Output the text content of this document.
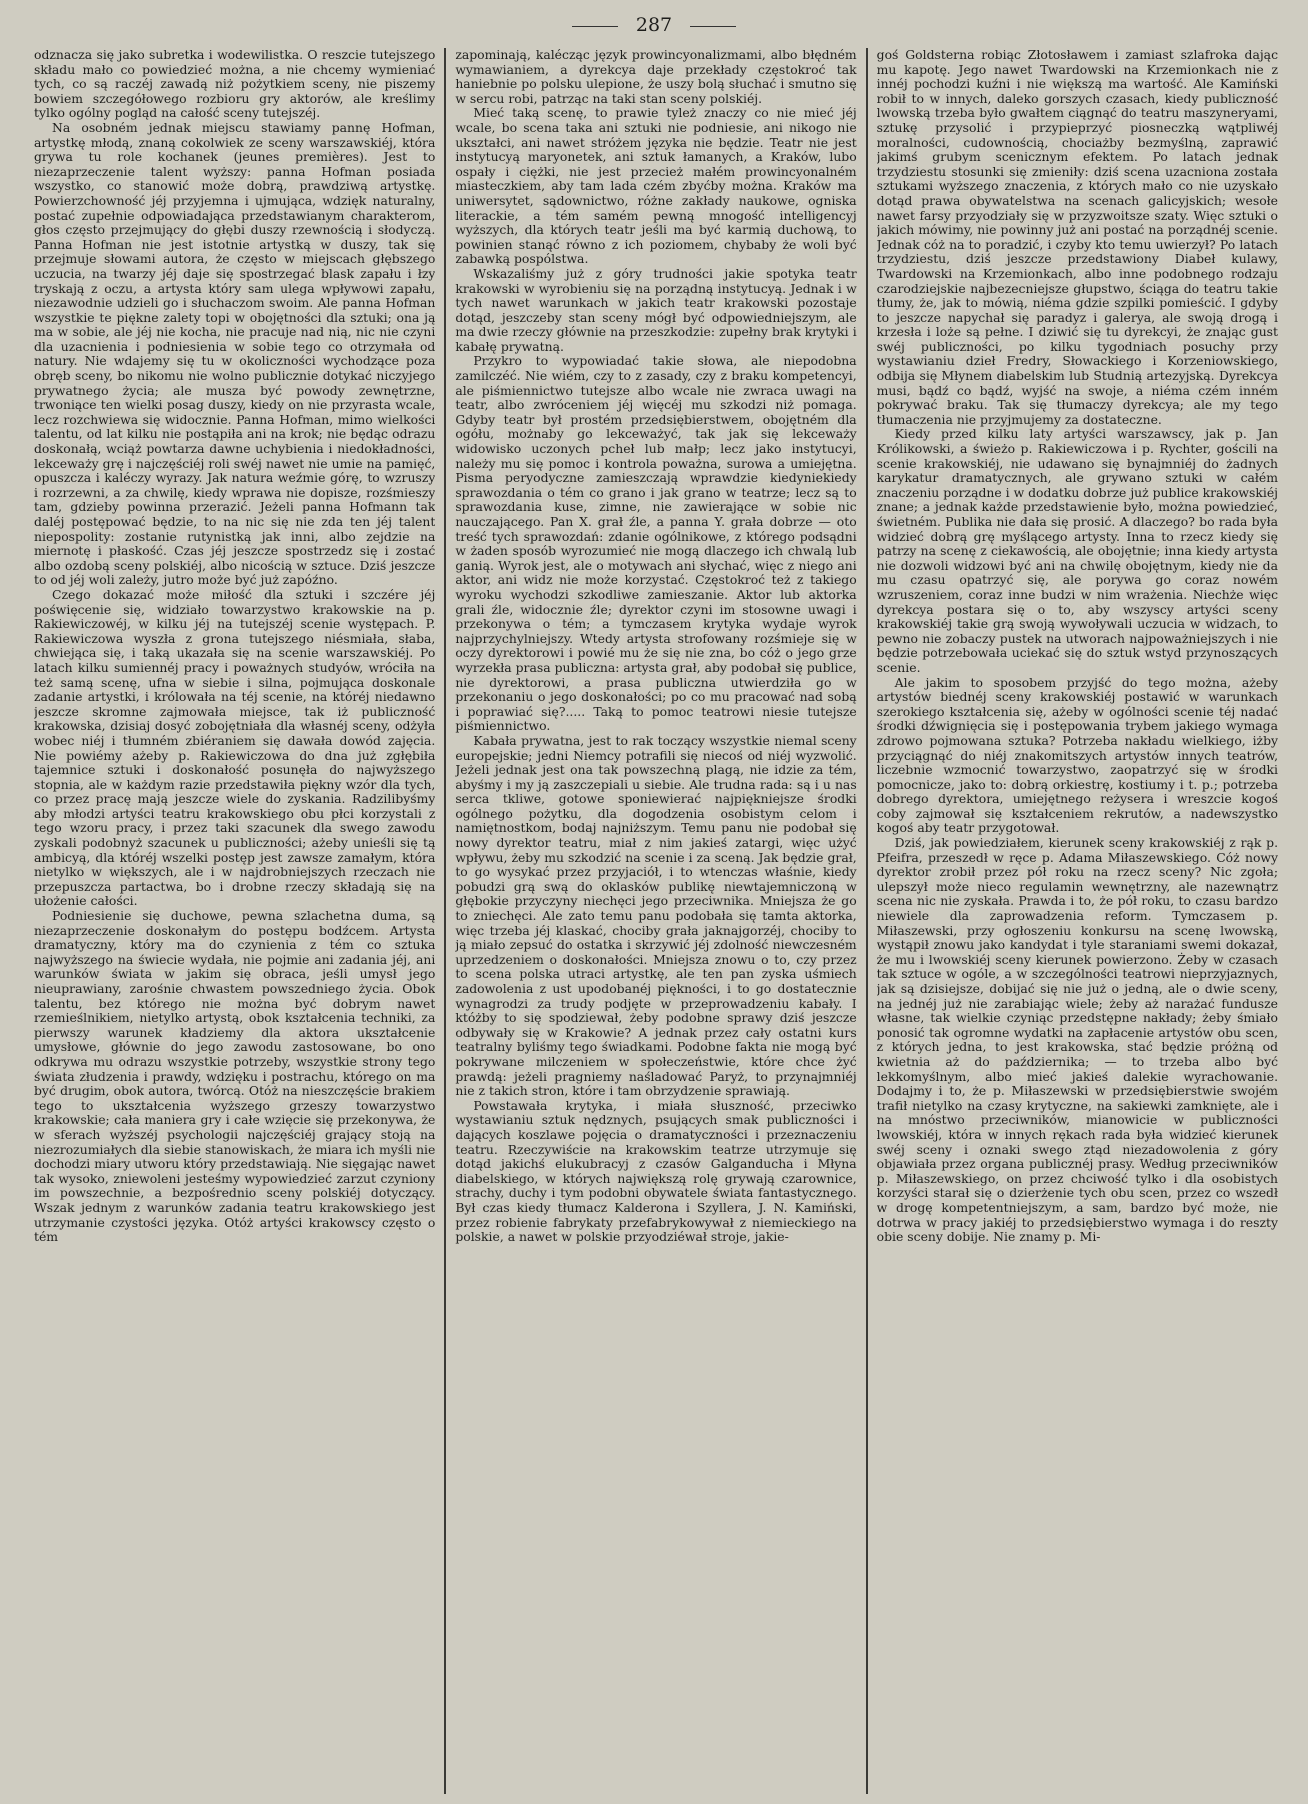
287

odznacza się jako subretka i wodewilistka. O reszcie tutejszego składu mało co powiedzieć można, a nie chcemy wymieniać tych, co są raczéj zawadą niż pożytkiem sceny, nie piszemy bowiem szczegółowego rozbioru gry aktorów, ale kreślimy tylko ogólny pogląd na całość sceny tutejszéj.

Na osobném jednak miejscu stawiamy pannę Hofman, artystkę młodą, znaną cokolwiek ze sceny warszawskiéj, która grywa tu role kochanek (jeunes premières). Jest to niezaprzeczenie talent wyższy: panna Hofman posiada wszystko, co stanowić może dobrą, prawdziwą artystkę. Powierzchowność jéj przyjemna i ujmująca, wdzięk naturalny, postać zupełnie odpowiadająca przedstawianym charakterom, głos często przejmujący do głębi duszy rzewnością i słodyczą. Panna Hofman nie jest istotnie artystką w duszy, tak się przejmuje słowami autora, że często w miejscach głębszego uczucia, na twarzy jéj daje się spostrzegać blask zapału i łzy tryskają z oczu, a artysta który sam ulega wpływowi zapału, niezawodnie udzieli go i słuchaczom swoim. Ale panna Hofman wszystkie te piękne zalety topi w obojętności dla sztuki; ona ją ma w sobie, ale jéj nie kocha, nie pracuje nad nią, nic nie czyni dla uzacnienia i podniesienia w sobie tego co otrzymała od natury. Nie wdajemy się tu w okoliczności wychodzące poza obręb sceny, bo nikomu nie wolno publicznie dotykać niczyjego prywatnego życia; ale musza być powody zewnętrzne, trwoniące ten wielki posag duszy, kiedy on nie przyrasta wcale, lecz rozchwiewa się widocznie. Panna Hofman, mimo wielkości talentu, od lat kilku nie postąpiła ani na krok; nie będąc odrazu doskonałą, wciąż powtarza dawne uchybienia i niedokładności, lekceważy grę i najczęściéj roli swéj nawet nie umie na pamięć, opuszcza i kaléczy wyrazy. Jak natura weźmie górę, to wzruszy i rozrzewni, a za chwilę, kiedy wprawa nie dopisze, rozśmieszy tam, gdzieby powinna przerazić. Jeżeli panna Hofmann tak daléj postępować będzie, to na nic się nie zda ten jéj talent niepospolity: zostanie rutynistką jak inni, albo zejdzie na miernotę i płaskość. Czas jéj jeszcze spostrzedz się i zostać albo ozdobą sceny polskiéj, albo nicością w sztuce. Dziś jeszcze to od jéj woli zależy, jutro może być już zapóźno.

Czego dokazać może miłość dla sztuki i szczére jéj poświęcenie się, widziało towarzystwo krakowskie na p. Rakiewiczowéj, w kilku jéj na tutejszéj scenie występach. P. Rakiewiczowa wyszła z grona tutejszego niésmiała, słaba, chwiejąca się, i taką ukazała się na scenie warszawskiéj. Po latach kilku sumiennéj pracy i poważnych studyów, wróciła na też samą scenę, ufna w siebie i silna, pojmująca doskonale zadanie artystki, i królowała na téj scenie, na któréj niedawno jeszcze skromne zajmowała miejsce, tak iż publiczność krakowska, dzisiaj dosyć zobojętniała dla własnéj sceny, odżyła wobec niéj i tłumném zbiéraniem się dawała dowód zajęcia. Nie powiémy ażeby p. Rakiewiczowa do dna już zgłębiła tajemnice sztuki i doskonałość posunęła do najwyższego stopnia, ale w każdym razie przedstawiła piękny wzór dla tych, co przez pracę mają jeszcze wiele do zyskania. Radzilibyśmy aby młodzi artyści teatru krakowskiego obu płci korzystali z tego wzoru pracy, i przez taki szacunek dla swego zawodu zyskali podobnyż szacunek u publiczności; ażeby unieśli się tą ambicyą, dla któréj wszelki postęp jest zawsze zamałym, która nietylko w większych, ale i w najdrobniejszych rzeczach nie przepuszcza partactwa, bo i drobne rzeczy składają się na ułożenie całości.

Podniesienie się duchowe, pewna szlachetna duma, są niezaprzeczenie doskonałym do postępu bodźcem. Artysta dramatyczny, który ma do czynienia z tém co sztuka najwyższego na świecie wydała, nie pojmie ani zadania jéj, ani warunków świata w jakim się obraca, jeśli umysł jego nieuprawiany, zarośnie chwastem powszedniego życia. Obok talentu, bez którego nie można być dobrym nawet rzemieślnikiem, nietylko artystą, obok kształcenia techniki, za pierwszy warunek kładziemy dla aktora ukształcenie umysłowe, głównie do jego zawodu zastosowane, bo ono odkrywa mu odrazu wszystkie potrzeby, wszystkie strony tego świata złudzenia i prawdy, wdzięku i postrachu, którego on ma być drugim, obok autora, twórcą. Otóż na nieszczęście brakiem tego to ukształcenia wyższego grzeszy towarzystwo krakowskie; cała maniera gry i całe wzięcie się przekonywa, że w sferach wyższéj psychologii najczęściéj grający stoją na niezrozumiałych dla siebie stanowiskach, że miara ich myśli nie dochodzi miary utworu który przedstawiają. Nie sięgając nawet tak wysoko, zniewoleni jesteśmy wypowiedzieć zarzut czyniony im powszechnie, a bezpośrednio sceny polskiéj dotyczący. Wszak jednym z warunków zadania teatru krakowskiego jest utrzymanie czystości języka. Otóż artyści krakowscy często o tém

zapominają, kalécząc język prowincyonalizmami, albo błędném wymawianiem, a dyrekcya daje przekłady częstokroć tak haniebnie po polsku ulepione, że uszy bolą słuchać i smutno się w sercu robi, patrząc na taki stan sceny polskiéj.

Mieć taką scenę, to prawie tyleż znaczy co nie mieć jéj wcale, bo scena taka ani sztuki nie podniesie, ani nikogo nie ukształci, ani nawet stróżem języka nie będzie. Teatr nie jest instytucyą maryonetek, ani sztuk łamanych, a Kraków, lubo ospały i ciężki, nie jest przecież małém prowincyonalném miasteczkiem, aby tam lada czém zbyćby można. Kraków ma uniwersytet, sądownictwo, różne zakłady naukowe, ogniska literackie, a tém samém pewną mnogość intelligencyj wyższych, dla których teatr jeśli ma być karmią duchową, to powinien stanąć równo z ich poziomem, chybaby że woli być zabawką pospólstwa.

Wskazaliśmy już z góry trudności jakie spotyka teatr krakowski w wyrobieniu się na porządną instytucyą. Jednak i w tych nawet warunkach w jakich teatr krakowski pozostaje dotąd, jeszczeby stan sceny mógł być odpowiedniejszym, ale ma dwie rzeczy głównie na przeszkodzie: zupełny brak krytyki i kabałę prywatną.

Przykro to wypowiadać takie słowa, ale niepodobna zamilczéć. Nie wiém, czy to z zasady, czy z braku kompetencyi, ale piśmiennictwo tutejsze albo wcale nie zwraca uwagi na teatr, albo zwróceniem jéj więcéj mu szkodzi niż pomaga. Gdyby teatr był prostém przedsiębierstwem, obojętném dla ogółu, możnaby go lekceważyć, tak jak się lekceważy widowisko uczonych pcheł lub małp; lecz jako instytucyi, należy mu się pomoc i kontrola poważna, surowa a umiejętna. Pisma peryodyczne zamieszczają wprawdzie kiedyniekiedy sprawozdania o tém co grano i jak grano w teatrze; lecz są to sprawozdania kuse, zimne, nie zawierające w sobie nic nauczającego. Pan X. grał źle, a panna Y. grała dobrze — oto treść tych sprawozdań: zdanie ogólnikowe, z którego podsądni w żaden sposób wyrozumieć nie mogą dlaczego ich chwalą lub ganią. Wyrok jest, ale o motywach ani słychać, więc z niego ani aktor, ani widz nie może korzystać. Częstokroć też z takiego wyroku wychodzi szkodliwe zamieszanie. Aktor lub aktorka grali źle, widocznie źle; dyrektor czyni im stosowne uwagi i przekonywa o tém; a tymczasem krytyka wydaje wyrok najprzychylniejszy. Wtedy artysta strofowany rozśmieje się w oczy dyrektorowi i powié mu że się nie zna, bo cóż o jego grze wyrzekła prasa publiczna: artysta grał, aby podobał się publice, nie dyrektorowi, a prasa publiczna utwierdziła go w przekonaniu o jego doskonałości; po co mu pracować nad sobą i poprawiać się?..... Taką to pomoc teatrowi niesie tutejsze piśmiennictwo.

Kabała prywatna, jest to rak toczący wszystkie niemal sceny europejskie; jedni Niemcy potrafili się niecoś od niéj wyzwolić. Jeżeli jednak jest ona tak powszechną plagą, nie idzie za tém, abyśmy i my ją zaszczepiali u siebie. Ale trudna rada: są i u nas serca tkliwe, gotowe sponiewierać najpiękniejsze środki ogólnego pożytku, dla dogodzenia osobistym celom i namiętnostkom, bodaj najniższym. Temu panu nie podobał się nowy dyrektor teatru, miał z nim jakieś zatargi, więc użyć wpływu, żeby mu szkodzić na scenie i za sceną. Jak będzie grał, to go wysykać przez przyjaciół, i to wtenczas właśnie, kiedy pobudzi grą swą do oklasków publikę niewtajemniczoną w głębokie przyczyny niechęci jego przeciwnika. Mniejsza że go to zniechęci. Ale zato temu panu podobała się tamta aktorka, więc trzeba jéj klaskać, chociby grała jaknajgorzéj, chociby to ją miało zepsuć do ostatka i skrzywić jéj zdolność niewczesném uprzedzeniem o doskonałości. Mniejsza znowu o to, czy przez to scena polska utraci artystkę, ale ten pan zyska uśmiech zadowolenia z ust upodobanéj piękności, i to go dostatecznie wynagrodzi za trudy podjęte w przeprowadzeniu kabały. I któżby to się spodziewał, żeby podobne sprawy dziś jeszcze odbywały się w Krakowie? A jednak przez cały ostatni kurs teatralny byliśmy tego świadkami. Podobne fakta nie mogą być pokrywane milczeniem w społeczeństwie, które chce żyć prawdą: jeżeli pragniemy naśladować Paryż, to przynajmniéj nie z takich stron, które i tam obrzydzenie sprawiają.

Powstawała krytyka, i miała słuszność, przeciwko wystawianiu sztuk nędznych, psujących smak publiczności i dających koszlawe pojęcia o dramatyczności i przeznaczeniu teatru. Rzeczywiście na krakowskim teatrze utrzymuje się dotąd jakichś elukubracyj z czasów Galganducha i Młyna diabelskiego, w których największą rolę grywają czarownice, strachy, duchy i tym podobni obywatele świata fantastycznego. Był czas kiedy tłumacz Kalderona i Szyllera, J. N. Kamiński, przez robienie fabrykaty przefabrykowywał z niemieckiego na polskie, a nawet w polskie przyodziéwał stroje, jakie-

goś Goldsterna robiąc Złotosławem i zamiast szlafroka dając mu kapotę. Jego nawet Twardowski na Krzemionkach nie z innéj pochodzi kuźni i nie większą ma wartość. Ale Kamiński robił to w innych, daleko gorszych czasach, kiedy publiczność lwowską trzeba było gwałtem ciągnąć do teatru maszyneryami, sztukę przysolić i przypieprzyć piosneczką wątpliwéj moralności, cudownością, chociażby bezmyślną, zaprawić jakimś grubym scenicznym efektem. Po latach jednak trzydziestu stosunki się zmieniły: dziś scena uzacniona została sztukami wyższego znaczenia, z których mało co nie uzyskało dotąd prawa obywatelstwa na scenach galicyjskich; wesołe nawet farsy przyodziały się w przyzwoitsze szaty. Więc sztuki o jakich mówimy, nie powinny już ani postać na porządnéj scenie. Jednak cóż na to poradzić, i czyby kto temu uwierzył? Po latach trzydziestu, dziś jeszcze przedstawiony Diabeł kulawy, Twardowski na Krzemionkach, albo inne podobnego rodzaju czarodziejskie najbezecniejsze głupstwo, ściąga do teatru takie tłumy, że, jak to mówią, niéma gdzie szpilki pomieścić. I gdyby to jeszcze napychał się paradyz i galerya, ale swoją drogą i krzesła i loże są pełne. I dziwić się tu dyrekcyi, że znając gust swéj publiczności, po kilku tygodniach posuchy przy wystawianiu dzieł Fredry, Słowackiego i Korzeniowskiego, odbija się Młynem diabelskim lub Studnią artezyjską. Dyrekcya musi, bądź co bądź, wyjść na swoje, a niéma czém inném pokrywać braku. Tak się tłumaczy dyrekcya; ale my tego tłumaczenia nie przyjmujemy za dostateczne.

Kiedy przed kilku laty artyści warszawscy, jak p. Jan Królikowski, a świeżo p. Rakiewiczowa i p. Rychter, gościli na scenie krakowskiéj, nie udawano się bynajmniéj do żadnych karykatur dramatycznych, ale grywano sztuki w całém znaczeniu porządne i w dodatku dobrze już publice krakowskiéj znane; a jednak każde przedstawienie było, można powiedzieć, świetném. Publika nie dała się prosić. A dlaczego? bo rada była widzieć dobrą grę myślącego artysty. Inna to rzecz kiedy się patrzy na scenę z ciekawością, ale obojętnie; inna kiedy artysta nie dozwoli widzowi być ani na chwilę obojętnym, kiedy nie da mu czasu opatrzyć się, ale porywa go coraz nowém wzruszeniem, coraz inne budzi w nim wrażenia. Niechże więc dyrekcya postara się o to, aby wszyscy artyści sceny krakowskiéj takie grą swoją wywoływali uczucia w widzach, to pewno nie zobaczy pustek na utworach najpoważniejszych i nie będzie potrzebowała uciekać się do sztuk wstyd przynoszących scenie.

Ale jakim to sposobem przyjść do tego można, ażeby artystów biednéj sceny krakowskiéj postawić w warunkach szerokiego kształcenia się, ażeby w ogólności scenie téj nadać środki dźwignięcia się i postępowania trybem jakiego wymaga zdrowo pojmowana sztuka? Potrzeba nakładu wielkiego, iżby przyciągnąć do niéj znakomitszych artystów innych teatrów, liczebnie wzmocnić towarzystwo, zaopatrzyć się w środki pomocnicze, jako to: dobrą orkiestrę, kostiumy i t. p.; potrzeba dobrego dyrektora, umiejętnego reżysera i wreszcie kogoś coby zajmował się kształceniem rekrutów, a nadewszystko kogoś aby teatr przygotował.

Dziś, jak powiedziałem, kierunek sceny krakowskiéj z rąk p. Pfeifra, przeszedł w ręce p. Adama Miłaszewskiego. Cóż nowy dyrektor zrobił przez pół roku na rzecz sceny? Nic zgoła; ulepszył może nieco regulamin wewnętrzny, ale nazewnątrz scena nic nie zyskała. Prawda i to, że pół roku, to czasu bardzo niewiele dla zaprowadzenia reform. Tymczasem p. Miłaszewski, przy ogłoszeniu konkursu na scenę lwowską, wystąpił znowu jako kandydat i tyle staraniami swemi dokazał, że mu i lwowskiéj sceny kierunek powierzono. Żeby w czasach tak sztuce w ogóle, a w szczególności teatrowi nieprzyjaznych, jak są dzisiejsze, dobijać się nie już o jedną, ale o dwie sceny, na jednéj już nie zarabiając wiele; żeby aż narażać fundusze własne, tak wielkie czyniąc przedstępne nakłady; żeby śmiało ponosić tak ogromne wydatki na zapłacenie artystów obu scen, z których jedna, to jest krakowska, stać będzie próżną od kwietnia aż do października; — to trzeba albo być lekkomyślnym, albo mieć jakieś dalekie wyrachowanie. Dodajmy i to, że p. Miłaszewski w przedsiębierstwie swojém trafił nietylko na czasy krytyczne, na sakiewki zamknięte, ale i na mnóstwo przeciwników, mianowicie w publiczności lwowskiéj, która w innych rękach rada była widzieć kierunek swéj sceny i oznaki swego ztąd niezadowolenia z góry objawiała przez organa publicznéj prasy. Według przeciwników p. Miłaszewskiego, on przez chciwość tylko i dla osobistych korzyści starał się o dzierżenie tych obu scen, przez co wszedł w drogę kompetentniejszym, a sam, bardzo być może, nie dotrwa w pracy jakiéj to przedsiębierstwo wymaga i do reszty obie sceny dobije. Nie znamy p. Mi-
